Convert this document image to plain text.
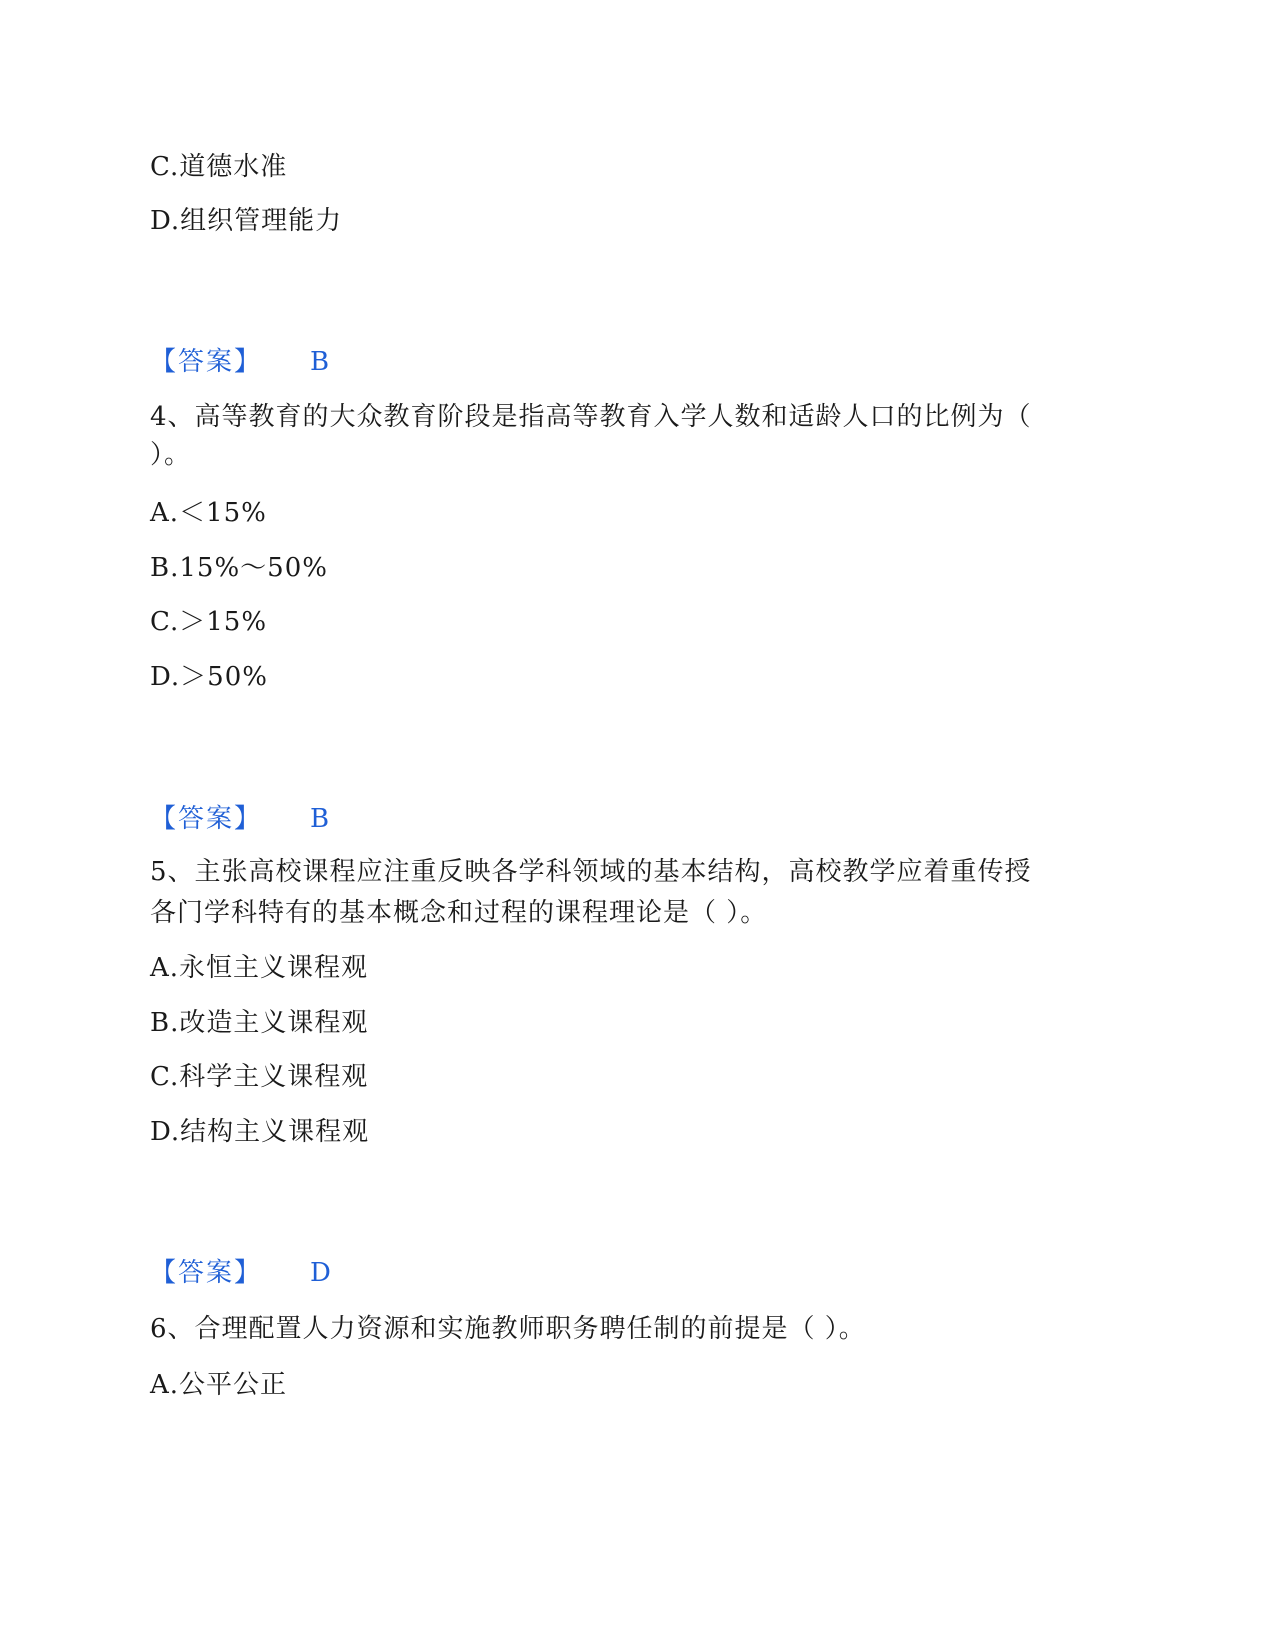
C.道德水准
D.组织管理能力
【答案】 B
4、高等教育的大众教育阶段是指高等教育入学人数和适龄人口的比例为（
）。
A.＜15%
B.15%～50%
C.＞15%
D.＞50%
【答案】 B
5、主张高校课程应注重反映各学科领域的基本结构，高校教学应着重传授
各门学科特有的基本概念和过程的课程理论是（ ）。
A.永恒主义课程观
B.改造主义课程观
C.科学主义课程观
D.结构主义课程观
【答案】 D
6、合理配置人力资源和实施教师职务聘任制的前提是（ ）。
A.公平公正
